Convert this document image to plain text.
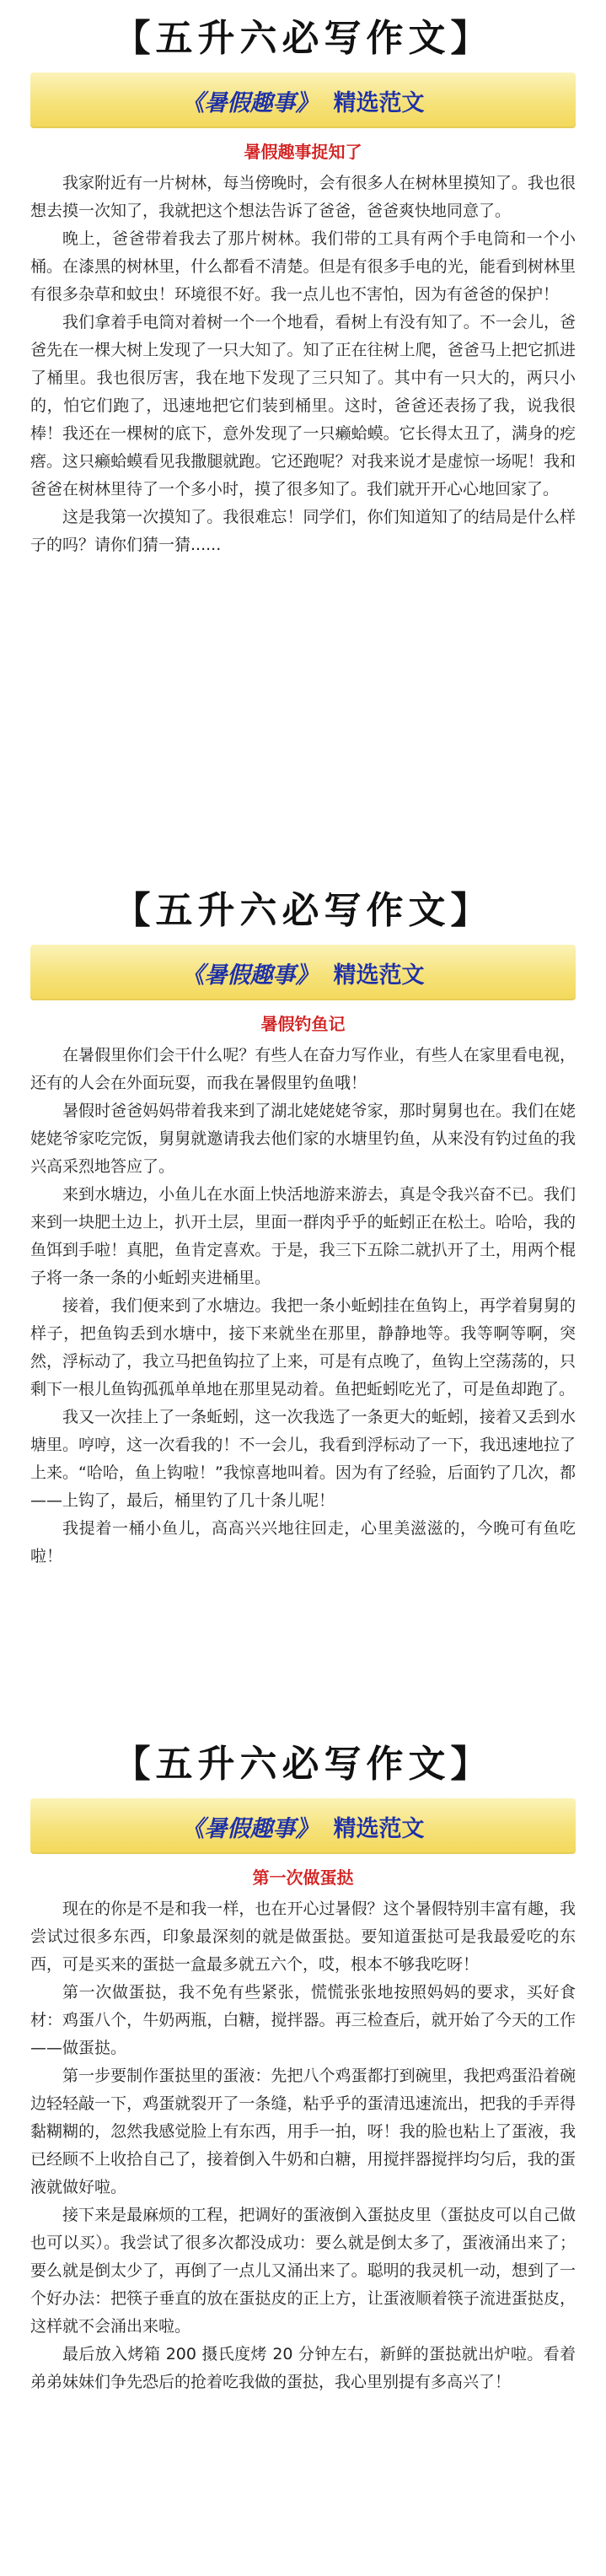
【五升六必写作文】
《暑假趣事》 精选范文
暑假趣事捉知了

我家附近有一片树林，每当傍晚时，会有很多人在树林里摸知了。我也很想去摸一次知了，我就把这个想法告诉了爸爸，爸爸爽快地同意了。

晚上，爸爸带着我去了那片树林。我们带的工具有两个手电筒和一个小桶。在漆黑的树林里，什么都看不清楚。但是有很多手电的光，能看到树林里有很多杂草和蚊虫！环境很不好。我一点儿也不害怕，因为有爸爸的保护！

我们拿着手电筒对着树一个一个地看，看树上有没有知了。不一会儿，爸爸先在一棵大树上发现了一只大知了。知了正在往树上爬，爸爸马上把它抓进了桶里。我也很厉害，我在地下发现了三只知了。其中有一只大的，两只小的，怕它们跑了，迅速地把它们装到桶里。这时，爸爸还表扬了我，说我很棒！我还在一棵树的底下，意外发现了一只癞蛤蟆。它长得太丑了，满身的疙瘩。这只癞蛤蟆看见我撒腿就跑。它还跑呢？对我来说才是虚惊一场呢！我和爸爸在树林里待了一个多小时，摸了很多知了。我们就开开心心地回家了。

这是我第一次摸知了。我很难忘！同学们，你们知道知了的结局是什么样子的吗？请你们猜一猜......

【五升六必写作文】
《暑假趣事》 精选范文
暑假钓鱼记

在暑假里你们会干什么呢？有些人在奋力写作业，有些人在家里看电视，还有的人会在外面玩耍，而我在暑假里钓鱼哦！

暑假时爸爸妈妈带着我来到了湖北姥姥姥爷家，那时舅舅也在。我们在姥姥姥爷家吃完饭，舅舅就邀请我去他们家的水塘里钓鱼，从来没有钓过鱼的我兴高采烈地答应了。

来到水塘边，小鱼儿在水面上快活地游来游去，真是令我兴奋不已。我们来到一块肥土边上，扒开土层，里面一群肉乎乎的蚯蚓正在松土。哈哈，我的鱼饵到手啦！真肥，鱼肯定喜欢。于是，我三下五除二就扒开了土，用两个棍子将一条一条的小蚯蚓夹进桶里。

接着，我们便来到了水塘边。我把一条小蚯蚓挂在鱼钩上，再学着舅舅的样子，把鱼钩丢到水塘中，接下来就坐在那里，静静地等。我等啊等啊，突然，浮标动了，我立马把鱼钩拉了上来，可是有点晚了，鱼钩上空荡荡的，只剩下一根儿鱼钩孤孤单单地在那里晃动着。鱼把蚯蚓吃光了，可是鱼却跑了。

我又一次挂上了一条蚯蚓，这一次我选了一条更大的蚯蚓，接着又丢到水塘里。哼哼，这一次看我的！不一会儿，我看到浮标动了一下，我迅速地拉了上来。“哈哈，鱼上钩啦！”我惊喜地叫着。因为有了经验，后面钓了几次，都——上钩了，最后，桶里钓了几十条儿呢！

我提着一桶小鱼儿，高高兴兴地往回走，心里美滋滋的，今晚可有鱼吃啦！

【五升六必写作文】
《暑假趣事》 精选范文
第一次做蛋挞

现在的你是不是和我一样，也在开心过暑假？这个暑假特别丰富有趣，我尝试过很多东西，印象最深刻的就是做蛋挞。要知道蛋挞可是我最爱吃的东西，可是买来的蛋挞一盒最多就五六个，哎，根本不够我吃呀！

第一次做蛋挞，我不免有些紧张，慌慌张张地按照妈妈的要求，买好食材：鸡蛋八个，牛奶两瓶，白糖，搅拌器。再三检查后，就开始了今天的工作——做蛋挞。

第一步要制作蛋挞里的蛋液：先把八个鸡蛋都打到碗里，我把鸡蛋沿着碗边轻轻敲一下，鸡蛋就裂开了一条缝，粘乎乎的蛋清迅速流出，把我的手弄得黏糊糊的，忽然我感觉脸上有东西，用手一拍，呀！我的脸也粘上了蛋液，我已经顾不上收拾自己了，接着倒入牛奶和白糖，用搅拌器搅拌均匀后，我的蛋液就做好啦。

接下来是最麻烦的工程，把调好的蛋液倒入蛋挞皮里（蛋挞皮可以自己做也可以买）。我尝试了很多次都没成功：要么就是倒太多了，蛋液涌出来了；要么就是倒太少了，再倒了一点儿又涌出来了。聪明的我灵机一动，想到了一个好办法：把筷子垂直的放在蛋挞皮的正上方，让蛋液顺着筷子流进蛋挞皮，这样就不会涌出来啦。

最后放入烤箱 200 摄氏度烤 20 分钟左右，新鲜的蛋挞就出炉啦。看着弟弟妹妹们争先恐后的抢着吃我做的蛋挞，我心里别提有多高兴了！
